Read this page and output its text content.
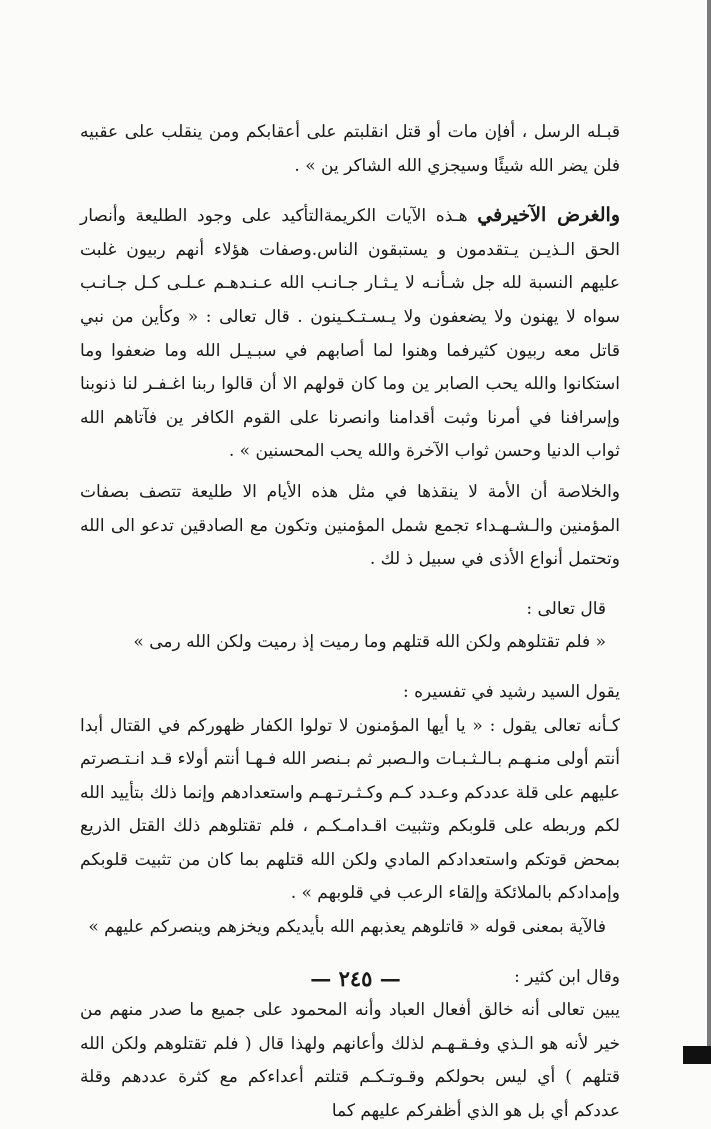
قبـله الرسل ، أفإن مات أو قتل انقلبتم على أعقابكم ومن ينقلب على عقبيه فلن يضر الله شيئًا وسيجزي الله الشاكر ين » .

والغرض الآخيرفي هـذه الآيات الكريمةالتأكيد على وجود الطليعة وأنصار الحق الـذيـن يـتقدمون و يستبقون الناس.وصفات هؤلاء أنهم ربيون غلبت عليهم النسبة لله جل شـأنـه لا يـثـار جـانـب الله عـنـدهـم عـلـى كـل جـانـب سواه لا يهنون ولا يضعفون ولا يـسـتـكـينون . قال تعالى : « وكأين من نبي قاتل معه ربيون كثيرفما وهنوا لما أصابهم في سبـيـل الله وما ضعفوا وما استكانوا والله يحب الصابر ين وما كان قولهم الا أن قالوا ربنا اغـفـر لنا ذنوبنا وإسرافنا في أمرنا وثبت أقدامنا وانصرنا على القوم الكافر ين فآتاهم الله ثواب الدنيا وحسن ثواب الآخرة والله يحب المحسنين » .

والخلاصة أن الأمة لا ينقذها في مثل هذه الأيام الا طليعة تتصف بصفات المؤمنين والـشـهـداء تجمع شمل المؤمنين وتكون مع الصادقين تدعو الى الله وتحتمل أنواع الأذى في سبيل ذ لك .

قال تعالى :

« فلم تقتلوهم ولكن الله قتلهم وما رميت إذ رميت ولكن الله رمى »

يقول السيد رشيد في تفسيره :

كـأنه تعالى يقول : « يا أيها المؤمنون لا تولوا الكفار ظهوركم في القتال أبدا أنتم أولى منـهـم بـالـثـبـات والـصبر ثم بـنصر الله فـهـا أنتم أولاء قـد انـتـصرتم عليهم على قلة عددكم وعـدد كـم وكـثـرتـهـم واستعدادهم وإنما ذلك بتأييد الله لكم وربطه على قلوبكم وتثبيت اقـدامـكـم ، فلم تقتلوهم ذلك القتل الذريع بمحض قوتكم واستعدادكم المادي ولكن الله قتلهم بما كان من تثبيت قلوبكم وإمدادكم بالملائكة وإلقاء الرعب في قلوبهم » .

فالآية بمعنى قوله « قاتلوهم يعذبهم الله بأيديكم ويخزهم وينصركم عليهم »

وقال ابن كثير :

يبين تعالى أنه خالق أفعال العباد وأنه المحمود على جميع ما صدر منهم من خير لأنه هو الـذي وفـقـهـم لذلك وأعانهم ولهذا قال ( فلم تقتلوهم ولكن الله قتلهم ) أي ليس بحولكم وقـوتـكـم قتلتم أعداءكم مع كثرة عددهم وقلة عددكم أي بل هو الذي أظفركم عليهم كما

— ٢٤٥ —
